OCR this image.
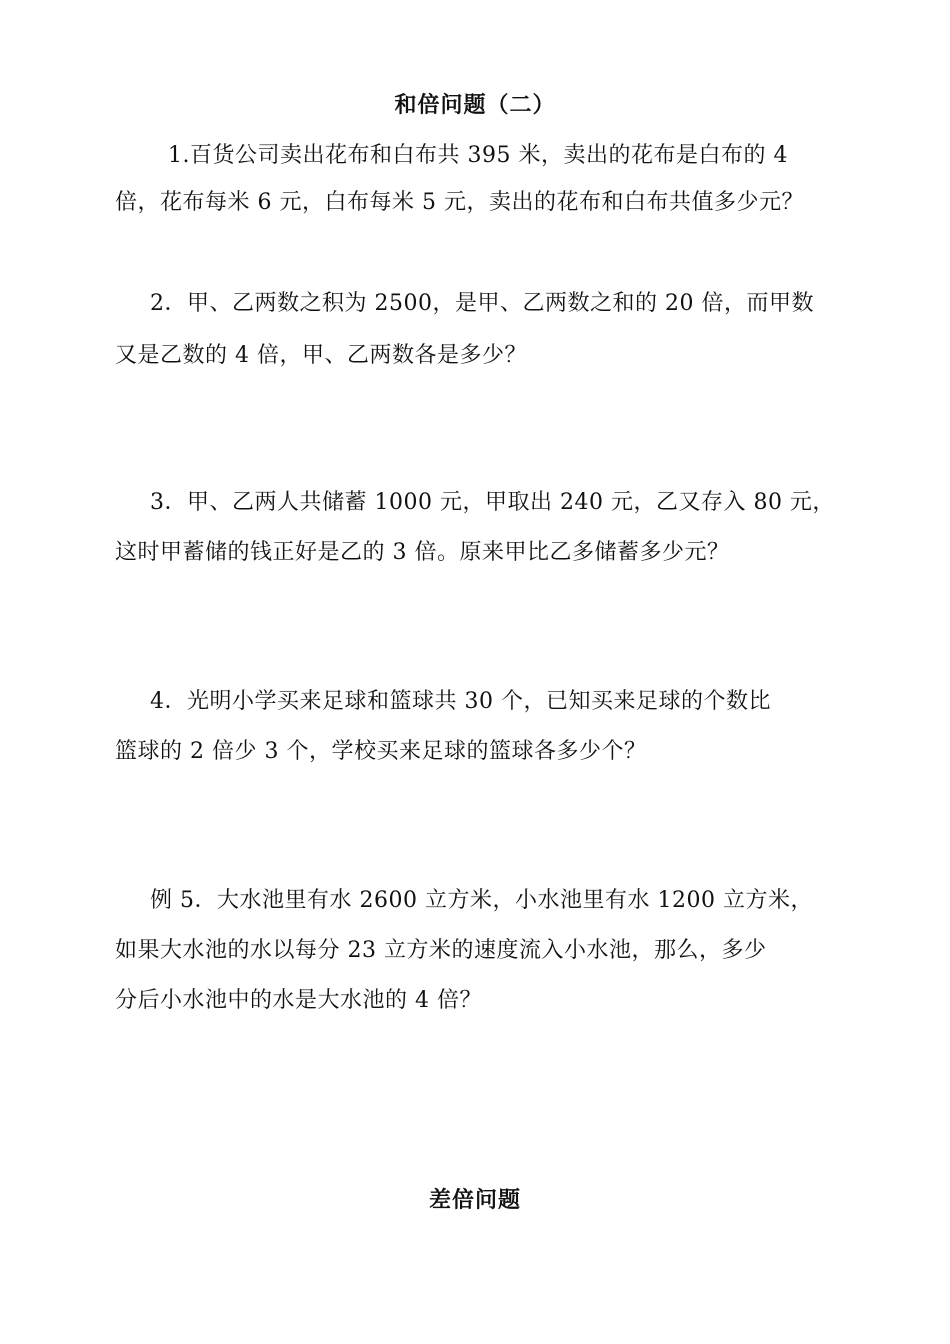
和倍问题（二）
1.百货公司卖出花布和白布共 395 米，卖出的花布是白布的 4
倍，花布每米 6 元，白布每米 5 元，卖出的花布和白布共值多少元？
2．甲、乙两数之积为 2500，是甲、乙两数之和的 20 倍，而甲数
又是乙数的 4 倍，甲、乙两数各是多少？
3．甲、乙两人共储蓄 1000 元，甲取出 240 元，乙又存入 80 元，
这时甲蓄储的钱正好是乙的 3 倍。原来甲比乙多储蓄多少元？
4．光明小学买来足球和篮球共 30 个，已知买来足球的个数比
篮球的 2 倍少 3 个，学校买来足球的篮球各多少个？
例 5．大水池里有水 2600 立方米，小水池里有水 1200 立方米，
如果大水池的水以每分 23 立方米的速度流入小水池，那么，多少
分后小水池中的水是大水池的 4 倍？
差倍问题
